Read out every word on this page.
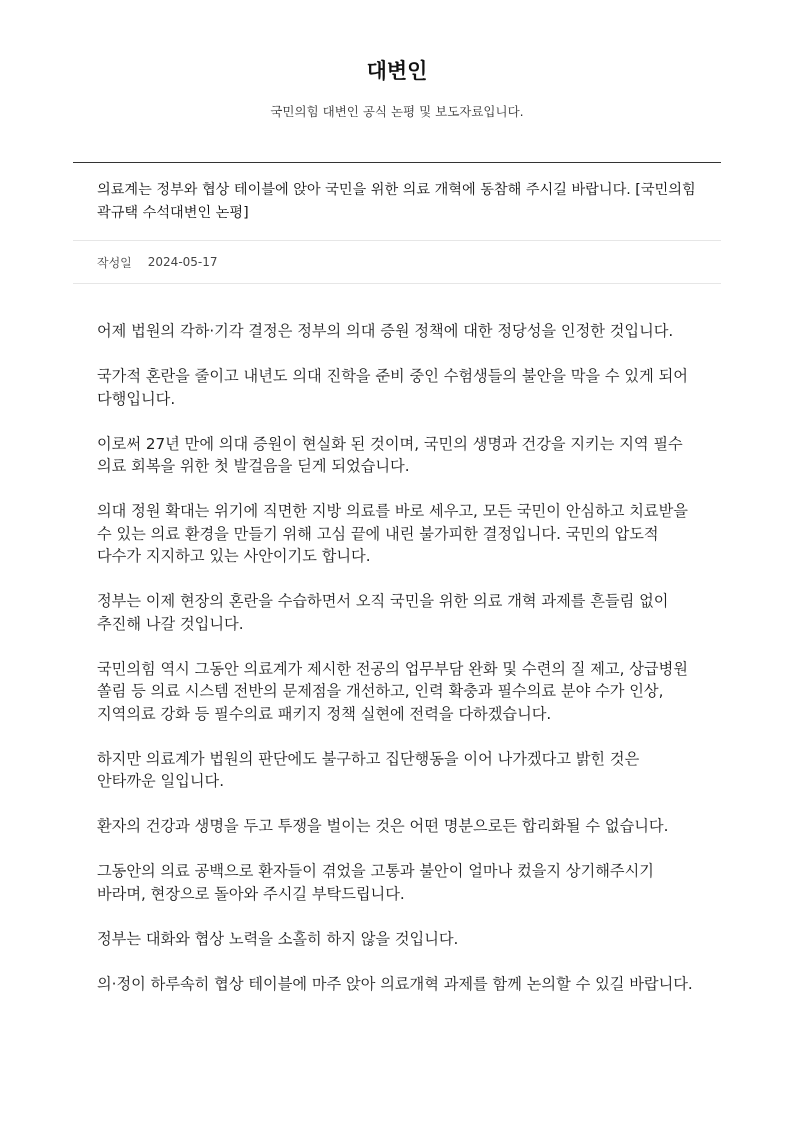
대변인
국민의힘 대변인 공식 논평 및 보도자료입니다.
의료계는 정부와 협상 테이블에 앉아 국민을 위한 의료 개혁에 동참해 주시길 바랍니다. [국민의힘 곽규택 수석대변인 논평]
작성일 2024-05-17

어제 법원의 각하·기각 결정은 정부의 의대 증원 정책에 대한 정당성을 인정한 것입니다.

국가적 혼란을 줄이고 내년도 의대 진학을 준비 중인 수험생들의 불안을 막을 수 있게 되어 다행입니다.

이로써 27년 만에 의대 증원이 현실화 된 것이며, 국민의 생명과 건강을 지키는 지역 필수 의료 회복을 위한 첫 발걸음을 딛게 되었습니다.

의대 정원 확대는 위기에 직면한 지방 의료를 바로 세우고, 모든 국민이 안심하고 치료받을 수 있는 의료 환경을 만들기 위해 고심 끝에 내린 불가피한 결정입니다. 국민의 압도적 다수가 지지하고 있는 사안이기도 합니다.

정부는 이제 현장의 혼란을 수습하면서 오직 국민을 위한 의료 개혁 과제를 흔들림 없이 추진해 나갈 것입니다.

국민의힘 역시 그동안 의료계가 제시한 전공의 업무부담 완화 및 수련의 질 제고, 상급병원 쏠림 등 의료 시스템 전반의 문제점을 개선하고, 인력 확충과 필수의료 분야 수가 인상, 지역의료 강화 등 필수의료 패키지 정책 실현에 전력을 다하겠습니다.

하지만 의료계가 법원의 판단에도 불구하고 집단행동을 이어 나가겠다고 밝힌 것은 안타까운 일입니다.

환자의 건강과 생명을 두고 투쟁을 벌이는 것은 어떤 명분으로든 합리화될 수 없습니다.

그동안의 의료 공백으로 환자들이 겪었을 고통과 불안이 얼마나 컸을지 상기해주시기 바라며, 현장으로 돌아와 주시길 부탁드립니다.

정부는 대화와 협상 노력을 소홀히 하지 않을 것입니다.

의·정이 하루속히 협상 테이블에 마주 앉아 의료개혁 과제를 함께 논의할 수 있길 바랍니다.
